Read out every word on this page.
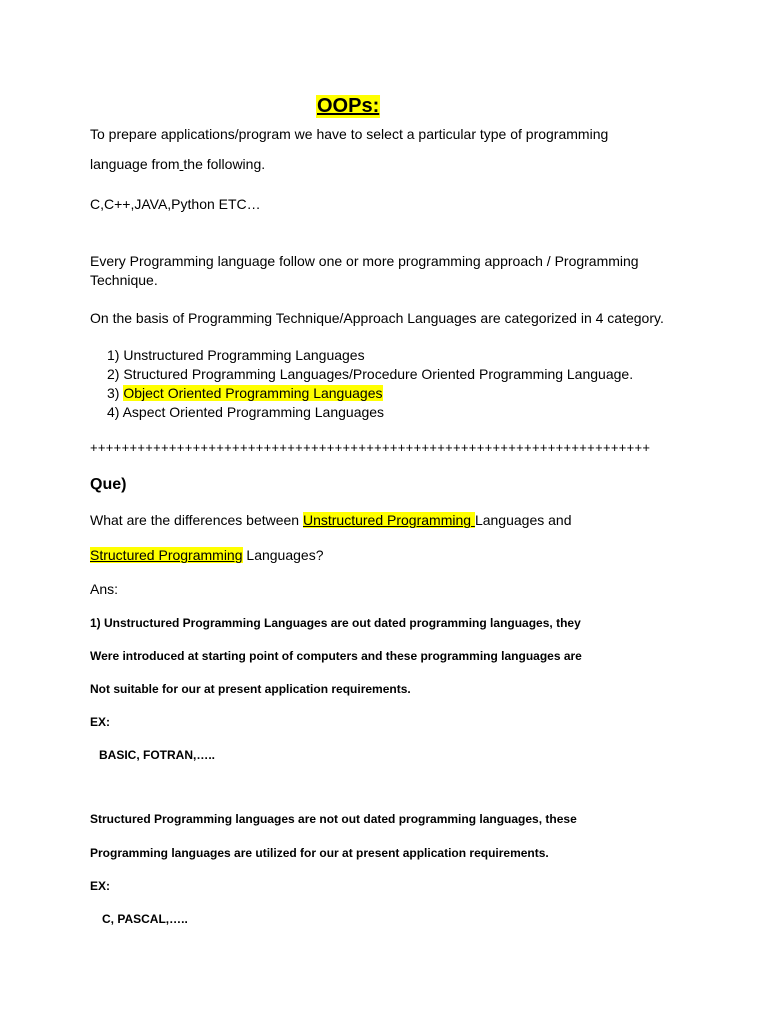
OOPs:
To prepare applications/program we have to select a particular type of programming
language from the following.
C,C++,JAVA,Python ETC…
Every Programming language follow one or more programming approach / Programming
Technique.
On the basis of Programming Technique/Approach Languages are categorized in 4 category.
1) Unstructured Programming Languages
2) Structured Programming Languages/Procedure Oriented Programming Language.
3) Object Oriented Programming Languages
4) Aspect Oriented Programming Languages
+++++++++++++++++++++++++++++++++++++++++++++++++++++++++++++++++++++++
Que)
What are the differences between Unstructured Programming Languages and
Structured Programming Languages?
Ans:
1) Unstructured Programming Languages are out dated programming languages, they
Were introduced at starting point of computers and these programming languages are
Not suitable for our at present application requirements.
EX:
BASIC, FOTRAN,…..
Structured Programming languages are not out dated programming languages, these
Programming languages are utilized for our at present application requirements.
EX:
C, PASCAL,…..
